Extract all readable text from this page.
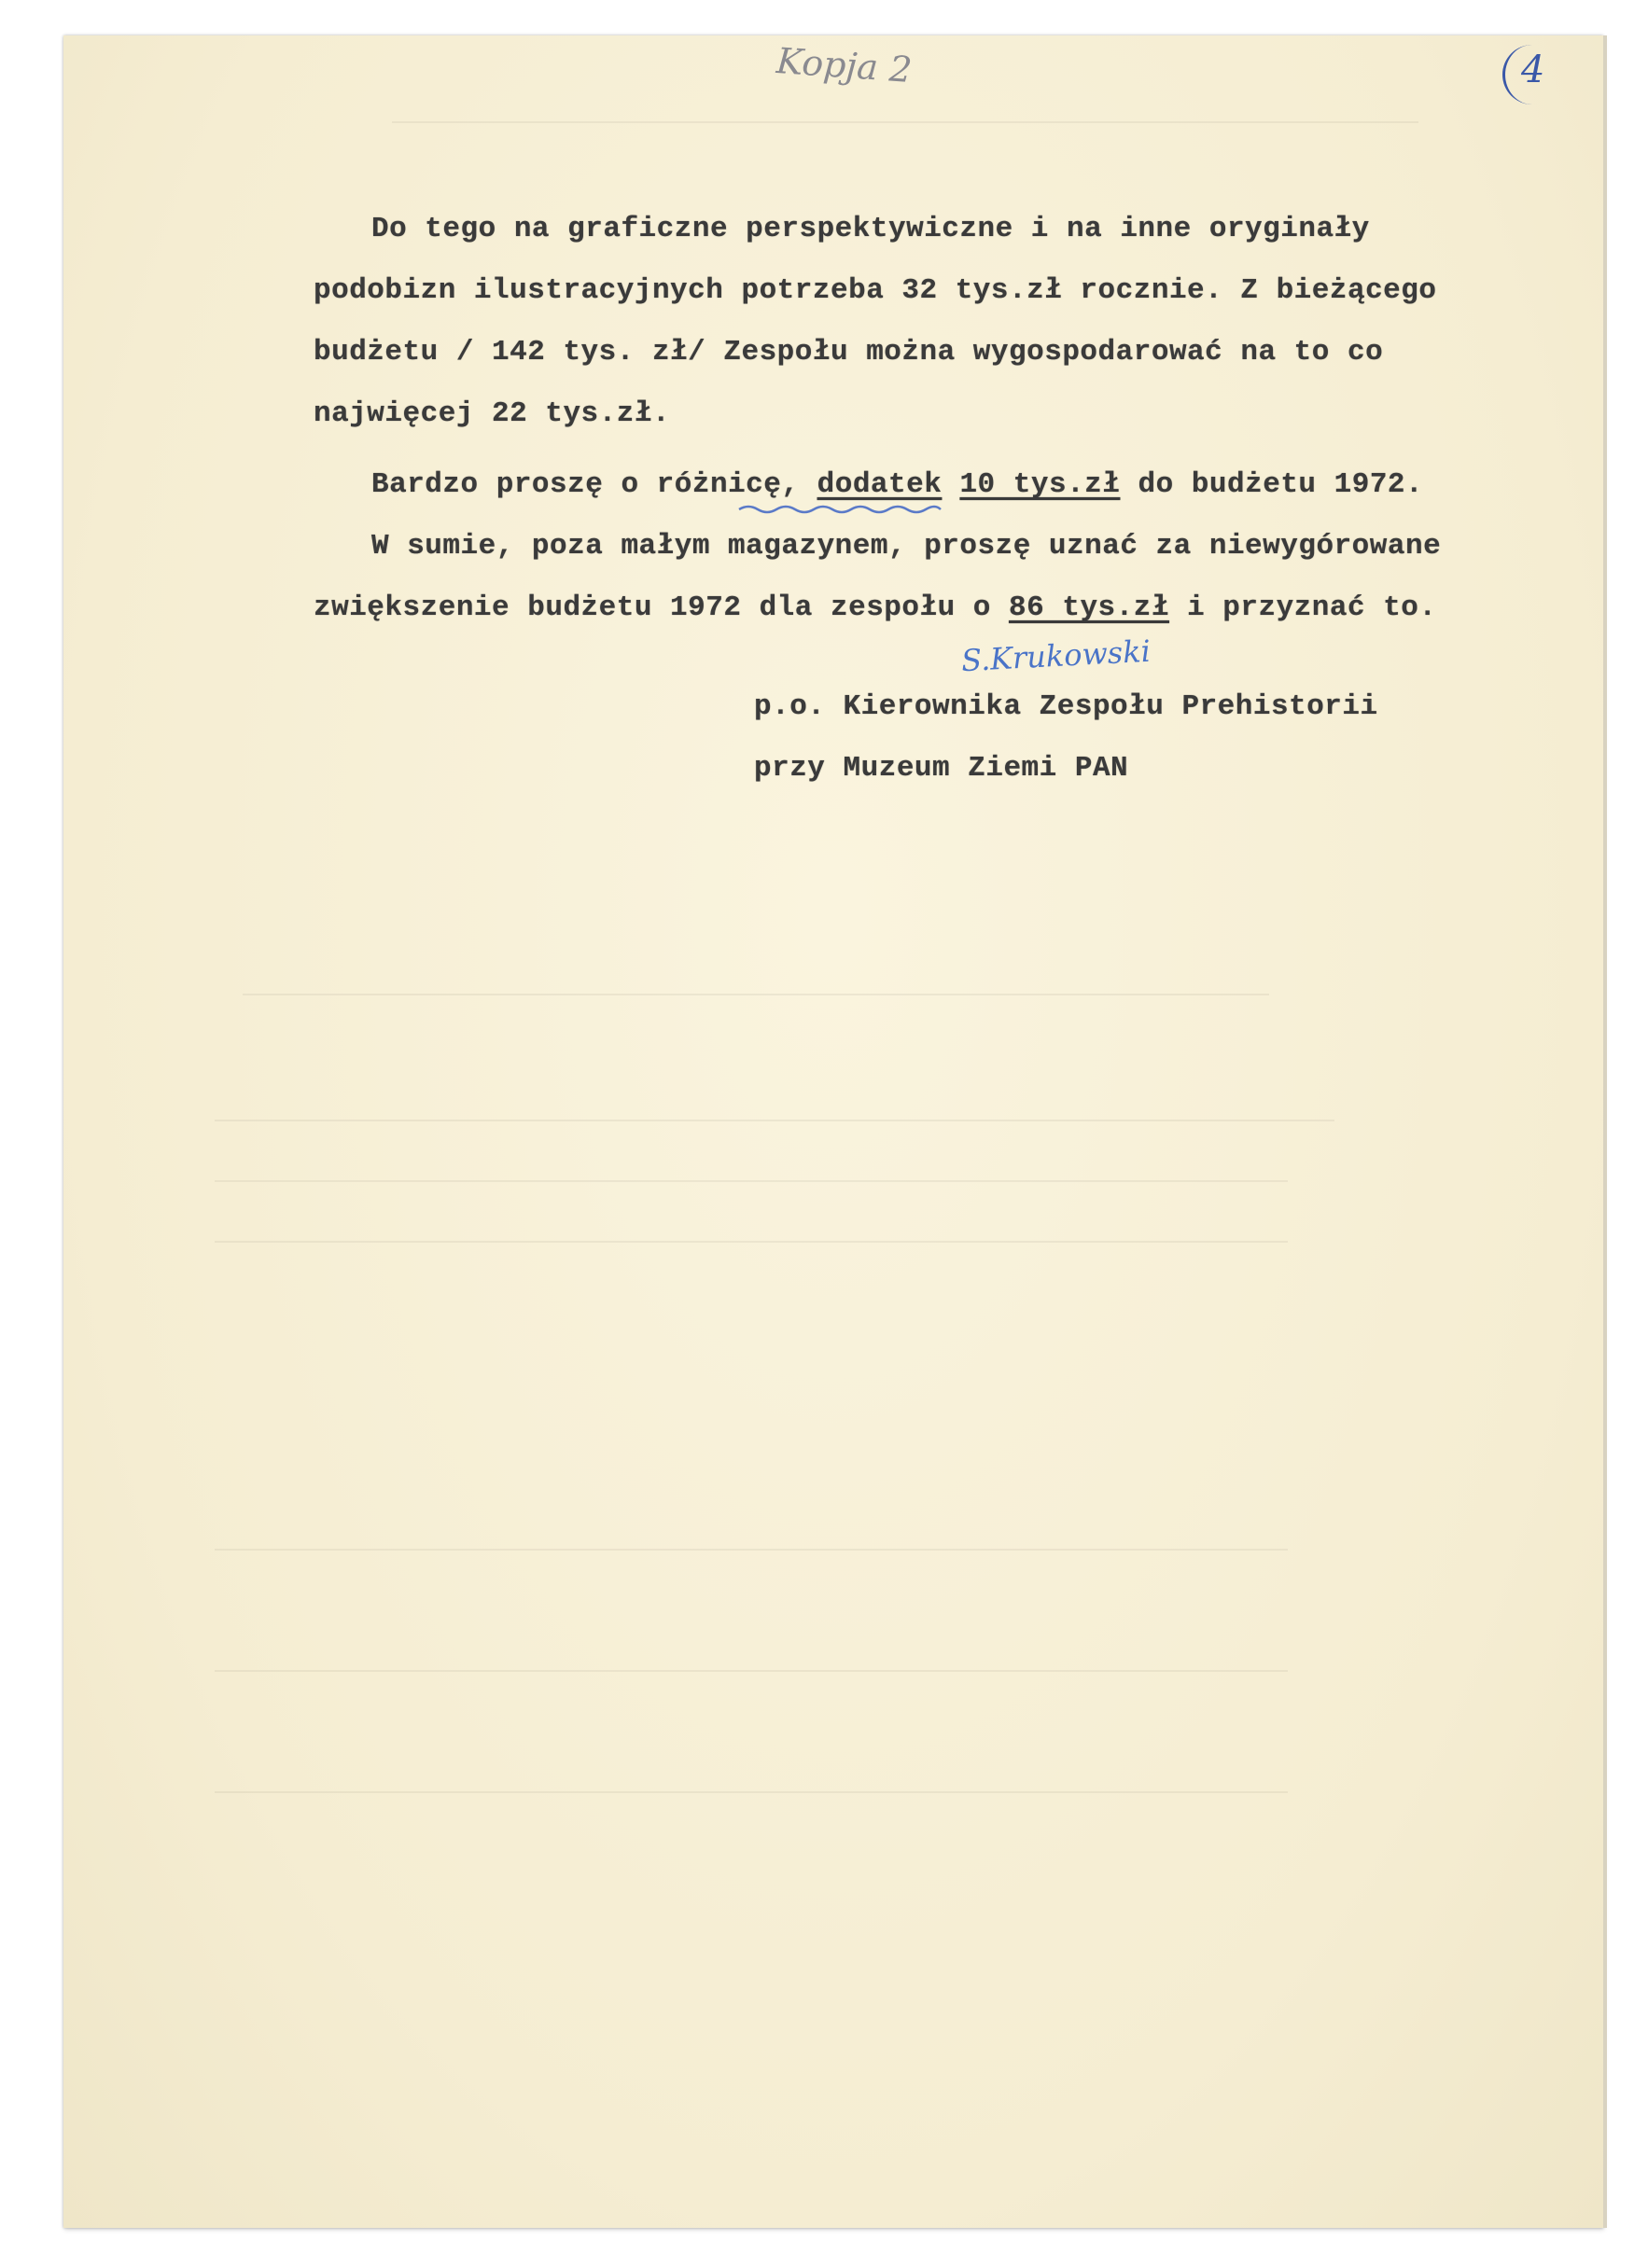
Kopja 2	4
Do tego na graficzne perspektywiczne i na inne oryginały
podobizn ilustracyjnych potrzeba 32 tys.zł rocznie. Z bieżącego
budżetu / 142 tys. zł/ Zespołu można wygospodarować na to co
najwięcej 22 tys.zł.
Bardzo proszę o różnicę, dodatek 10 tys.zł do budżetu 1972.
W sumie, poza małym magazynem, proszę uznać za niewygórowane
zwiększenie budżetu 1972 dla zespołu o 86 tys.zł i przyznać to.
p.o. Kierownika Zespołu Prehistorii
przy Muzeum Ziemi PAN
S.Krukowski
